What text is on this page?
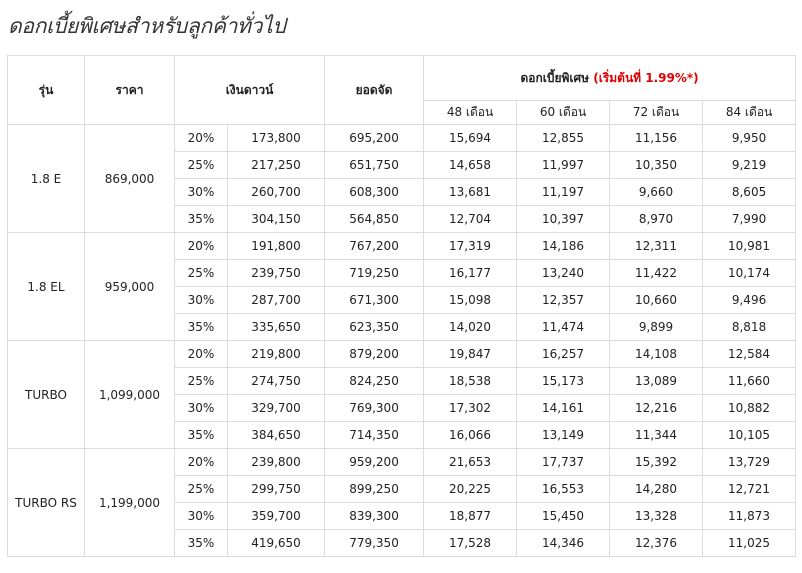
ดอกเบี้ยพิเศษสำหรับลูกค้าทั่วไป
รุ่น	ราคา	เงินดาวน์		ยอดจัด	ดอกเบี้ยพิเศษ (เริ่มต้นที่ 1.99%*)			
					48 เดือน	60 เดือน	72 เดือน	84 เดือน
1.8 E	869,000	20%	173,800	695,200	15,694	12,855	11,156	9,950
		25%	217,250	651,750	14,658	11,997	10,350	9,219
		30%	260,700	608,300	13,681	11,197	9,660	8,605
		35%	304,150	564,850	12,704	10,397	8,970	7,990
1.8 EL	959,000	20%	191,800	767,200	17,319	14,186	12,311	10,981
		25%	239,750	719,250	16,177	13,240	11,422	10,174
		30%	287,700	671,300	15,098	12,357	10,660	9,496
		35%	335,650	623,350	14,020	11,474	9,899	8,818
TURBO	1,099,000	20%	219,800	879,200	19,847	16,257	14,108	12,584
		25%	274,750	824,250	18,538	15,173	13,089	11,660
		30%	329,700	769,300	17,302	14,161	12,216	10,882
		35%	384,650	714,350	16,066	13,149	11,344	10,105
TURBO RS	1,199,000	20%	239,800	959,200	21,653	17,737	15,392	13,729
		25%	299,750	899,250	20,225	16,553	14,280	12,721
		30%	359,700	839,300	18,877	15,450	13,328	11,873
		35%	419,650	779,350	17,528	14,346	12,376	11,025
